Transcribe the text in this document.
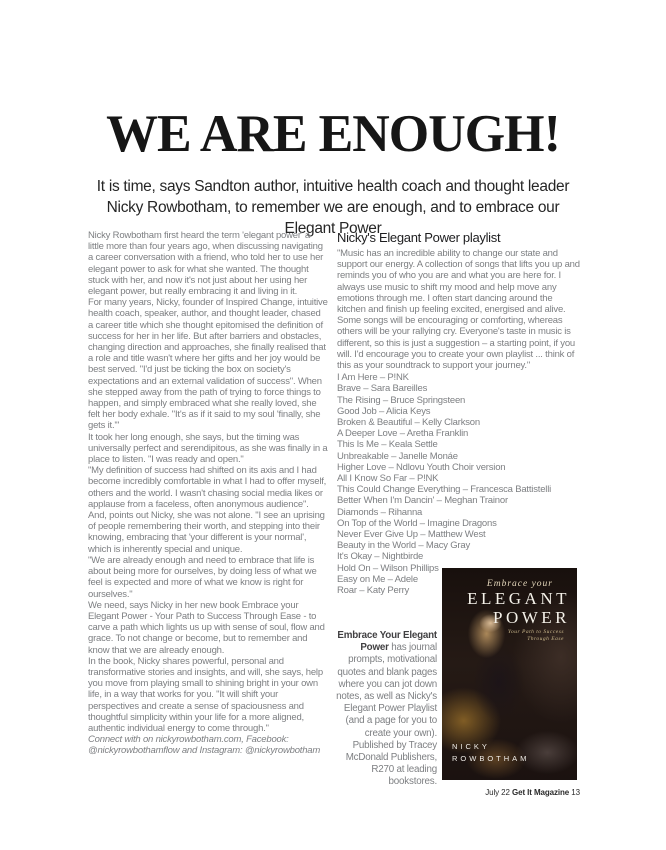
WE ARE ENOUGH!
It is time, says Sandton author, intuitive health coach and thought leader Nicky Rowbotham, to remember we are enough, and to embrace our Elegant Power

Nicky Rowbotham first heard the term 'elegant power' a little more than four years ago, when discussing navigating a career conversation with a friend, who told her to use her elegant power to ask for what she wanted. The thought stuck with her, and now it's not just about her using her elegant power, but really embracing it and living in it.

For many years, Nicky, founder of Inspired Change, intuitive health coach, speaker, author, and thought leader, chased a career title which she thought epitomised the definition of success for her in her life. But after barriers and obstacles, changing direction and approaches, she finally realised that a role and title wasn't where her gifts and her joy would be best served. "I'd just be ticking the box on society's expectations and an external validation of success". When she stepped away from the path of trying to force things to happen, and simply embraced what she really loved, she felt her body exhale. "It's as if it said to my soul 'finally, she gets it.'"

It took her long enough, she says, but the timing was universally perfect and serendipitous, as she was finally in a place to listen. "I was ready and open."

"My definition of success had shifted on its axis and I had become incredibly comfortable in what I had to offer myself, others and the world. I wasn't chasing social media likes or applause from a faceless, often anonymous audience".

And, points out Nicky, she was not alone. "I see an uprising of people remembering their worth, and stepping into their knowing, embracing that 'your different is your normal', which is inherently special and unique.

"We are already enough and need to embrace that life is about being more for ourselves, by doing less of what we feel is expected and more of what we know is right for ourselves."

We need, says Nicky in her new book Embrace your Elegant Power - Your Path to Success Through Ease - to carve a path which lights us up with sense of soul, flow and grace. To not change or become, but to remember and know that we are already enough.

In the book, Nicky shares powerful, personal and transformative stories and insights, and will, she says, help you move from playing small to shining bright in your own life, in a way that works for you. "It will shift your perspectives and create a sense of spaciousness and thoughtful simplicity within your life for a more aligned, authentic individual energy to come through."

Connect with on nickyrowbotham.com, Facebook: @nickyrowbothamflow and Instagram: @nickyrowbotham

Nicky's Elegant Power playlist

"Music has an incredible ability to change our state and support our energy. A collection of songs that lifts you up and reminds you of who you are and what you are here for. I always use music to shift my mood and help move any emotions through me. I often start dancing around the kitchen and finish up feeling excited, energised and alive. Some songs will be encouraging or comforting, whereas others will be your rallying cry. Everyone's taste in music is different, so this is just a suggestion – a starting point, if you will. I'd encourage you to create your own playlist ... think of this as your soundtrack to support your journey."

I Am Here – P!NK
Brave – Sara Bareilles
The Rising – Bruce Springsteen
Good Job – Alicia Keys
Broken & Beautiful – Kelly Clarkson
A Deeper Love – Aretha Franklin
This Is Me – Keala Settle
Unbreakable – Janelle Monáe
Higher Love – Ndlovu Youth Choir version
All I Know So Far – P!NK
This Could Change Everything – Francesca Battistelli
Better When I'm Dancin' – Meghan Trainor
Diamonds – Rihanna
On Top of the World – Imagine Dragons
Never Ever Give Up – Matthew West
Beauty in the World – Macy Gray
It's Okay – Nightbirde
Hold On – Wilson Phillips
Easy on Me – Adele
Roar – Katy Perry
Embrace Your Elegant Power has journal prompts, motivational quotes and blank pages where you can jot down notes, as well as Nicky's Elegant Power Playlist (and a page for you to create your own). Published by Tracey McDonald Publishers, R270 at leading bookstores.
Embrace your
ELEGANT
POWER
Your Path to Success
Through Ease
NICKY
ROWBOTHAM
July 22 Get It Magazine 13
